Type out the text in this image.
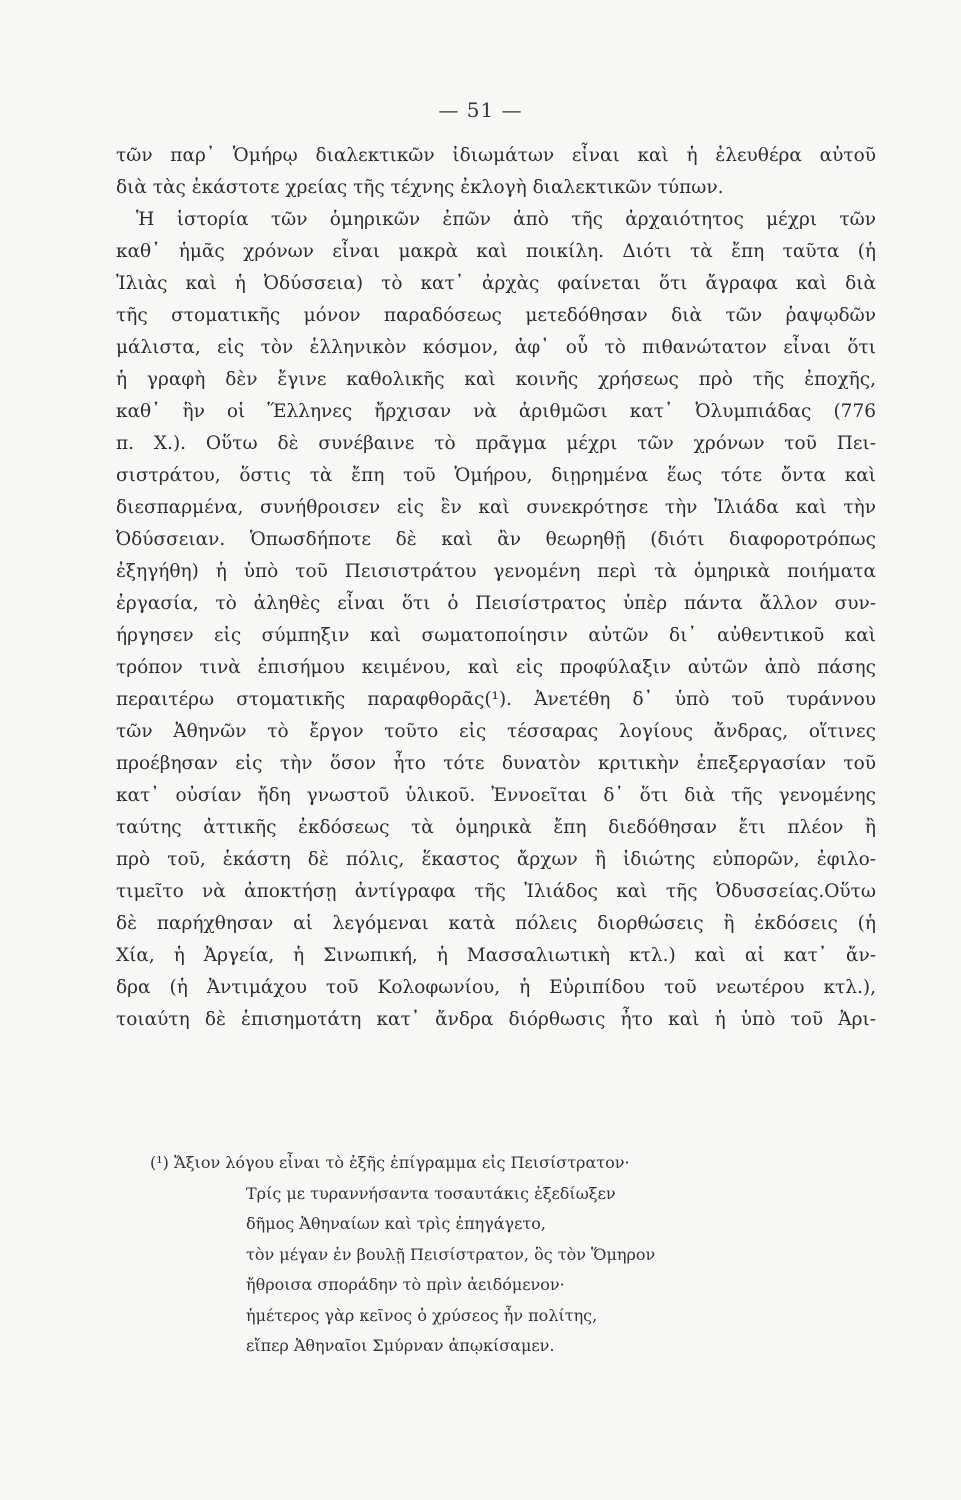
— 51 —
τῶν παρ᾽ Ὁμήρῳ διαλεκτικῶν ἰδιωμάτων εἶναι καὶ ἡ ἐλευθέρα αὐτοῦ
διὰ τὰς ἑκάστοτε χρείας τῆς τέχνης ἐκλογὴ διαλεκτικῶν τύπων.
Ἡ ἱστορία τῶν ὁμηρικῶν ἐπῶν ἀπὸ τῆς ἀρχαιότητος μέχρι τῶν
καθ᾽ ἡμᾶς χρόνων εἶναι μακρὰ καὶ ποικίλη. Διότι τὰ ἔπη ταῦτα (ἡ
Ἰλιὰς καὶ ἡ Ὀδύσσεια) τὸ κατ᾽ ἀρχὰς φαίνεται ὅτι ἄγραφα καὶ διὰ
τῆς στοματικῆς μόνον παραδόσεως μετεδόθησαν διὰ τῶν ῥαψῳδῶν
μάλιστα, εἰς τὸν ἑλληνικὸν κόσμον, ἀφ᾽ οὗ τὸ πιθανώτατον εἶναι ὅτι
ἡ γραφὴ δὲν ἔγινε καθολικῆς καὶ κοινῆς χρήσεως πρὸ τῆς ἐποχῆς,
καθ᾽ ἣν οἱ Ἕλληνες ἤρχισαν νὰ ἀριθμῶσι κατ᾽ Ὀλυμπιάδας (776
π. Χ.). Οὕτω δὲ συνέβαινε τὸ πρᾶγμα μέχρι τῶν χρόνων τοῦ Πει-
σιστράτου, ὅστις τὰ ἔπη τοῦ Ὁμήρου, διῃρημένα ἕως τότε ὄντα καὶ
διεσπαρμένα, συνήθροισεν εἰς ἓν καὶ συνεκρότησε τὴν Ἰλιάδα καὶ τὴν
Ὀδύσσειαν. Ὁπωσδήποτε δὲ καὶ ἂν θεωρηθῇ (διότι διαφοροτρόπως
ἐξηγήθη) ἡ ὑπὸ τοῦ Πεισιστράτου γενομένη περὶ τὰ ὁμηρικὰ ποιήματα
ἐργασία, τὸ ἀληθὲς εἶναι ὅτι ὁ Πεισίστρατος ὑπὲρ πάντα ἄλλον συν-
ήργησεν εἰς σύμπηξιν καὶ σωματοποίησιν αὐτῶν δι᾽ αὐθεντικοῦ καὶ
τρόπον τινὰ ἐπισήμου κειμένου, καὶ εἰς προφύλαξιν αὐτῶν ἀπὸ πάσης
περαιτέρω στοματικῆς παραφθορᾶς(¹). Ἀνετέθη δ᾽ ὑπὸ τοῦ τυράννου
τῶν Ἀθηνῶν τὸ ἔργον τοῦτο εἰς τέσσαρας λογίους ἄνδρας, οἵτινες
προέβησαν εἰς τὴν ὅσον ἦτο τότε δυνατὸν κριτικὴν ἐπεξεργασίαν τοῦ
κατ᾽ οὐσίαν ἤδη γνωστοῦ ὑλικοῦ. Ἐννοεῖται δ᾽ ὅτι διὰ τῆς γενομένης
ταύτης ἀττικῆς ἐκδόσεως τὰ ὁμηρικὰ ἔπη διεδόθησαν ἔτι πλέον ἢ
πρὸ τοῦ, ἑκάστη δὲ πόλις, ἕκαστος ἄρχων ἢ ἰδιώτης εὐπορῶν, ἐφιλο-
τιμεῖτο νὰ ἀποκτήσῃ ἀντίγραφα τῆς Ἰλιάδος καὶ τῆς Ὀδυσσείας.Οὕτω
δὲ παρήχθησαν αἱ λεγόμεναι κατὰ πόλεις διορθώσεις ἢ ἐκδόσεις (ἡ
Χία, ἡ Ἀργεία, ἡ Σινωπική, ἡ Μασσαλιωτικὴ κτλ.) καὶ αἱ κατ᾽ ἄν-
δρα (ἡ Ἀντιμάχου τοῦ Κολοφωνίου, ἡ Εὐριπίδου τοῦ νεωτέρου κτλ.),
τοιαύτη δὲ ἐπισημοτάτη κατ᾽ ἄνδρα διόρθωσις ἦτο καὶ ἡ ὑπὸ τοῦ Ἀρι-
(¹) Ἄξιον λόγου εἶναι τὸ ἑξῆς ἐπίγραμμα εἰς Πεισίστρατον·
Τρίς με τυραννήσαντα τοσαυτάκις ἐξεδίωξεν
δῆμος Ἀθηναίων καὶ τρὶς ἐπηγάγετο,
τὸν μέγαν ἐν βουλῇ Πεισίστρατον, ὃς τὸν Ὅμηρον
ἤθροισα σποράδην τὸ πρὶν ἀειδόμενον·
ἡμέτερος γὰρ κεῖνος ὁ χρύσεος ἦν πολίτης,
εἴπερ Ἀθηναῖοι Σμύρναν ἀπῳκίσαμεν.
